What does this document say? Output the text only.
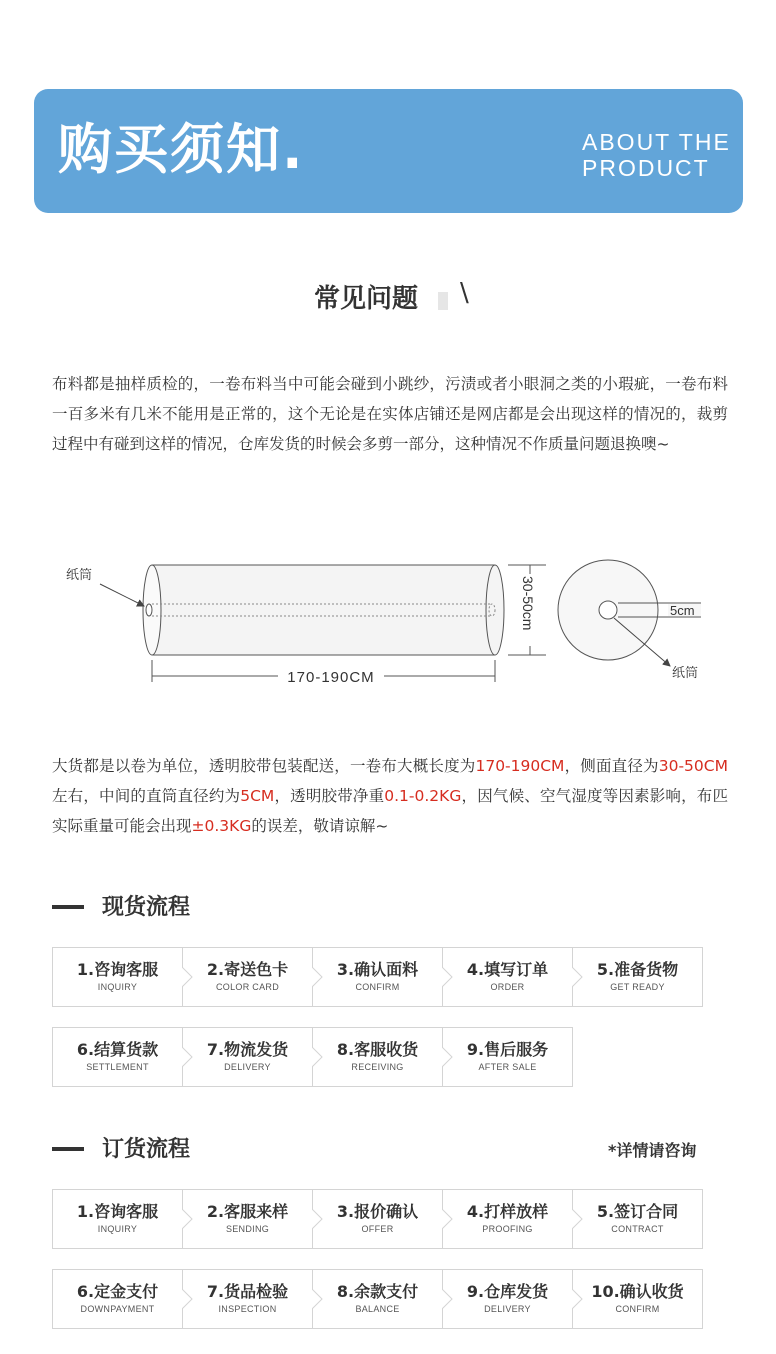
购买须知.	ABOUT THE
PRODUCT
常见问题 \
布料都是抽样质检的，一卷布料当中可能会碰到小跳纱，污渍或者小眼洞之类的小瑕疵，一卷布料一百多米有几米不能用是正常的，这个无论是在实体店铺还是网店都是会出现这样的情况的，裁剪过程中有碰到这样的情况，仓库发货的时候会多剪一部分，这种情况不作质量问题退换噢~
纸筒
170-190CM
30-50cm	5cm
纸筒
大货都是以卷为单位，透明胶带包装配送，一卷布大概长度为170-190CM，侧面直径为30-50CM左右，中间的直筒直径约为5CM，透明胶带净重0.1-0.2KG，因气候、空气湿度等因素影响，布匹实际重量可能会出现±0.3KG的误差，敬请谅解~
现货流程
1.咨询客服
INQUIRY
2.寄送色卡
COLOR CARD
3.确认面料
CONFIRM
4.填写订单
ORDER
5.准备货物
GET READY
6.结算货款
SETTLEMENT
7.物流发货
DELIVERY
8.客服收货
RECEIVING
9.售后服务
AFTER SALE
订货流程	*详情请咨询
1.咨询客服
INQUIRY
2.客服来样
SENDING
3.报价确认
OFFER
4.打样放样
PROOFING
5.签订合同
CONTRACT
6.定金支付
DOWNPAYMENT
7.货品检验
INSPECTION
8.余款支付
BALANCE
9.仓库发货
DELIVERY
10.确认收货
CONFIRM
